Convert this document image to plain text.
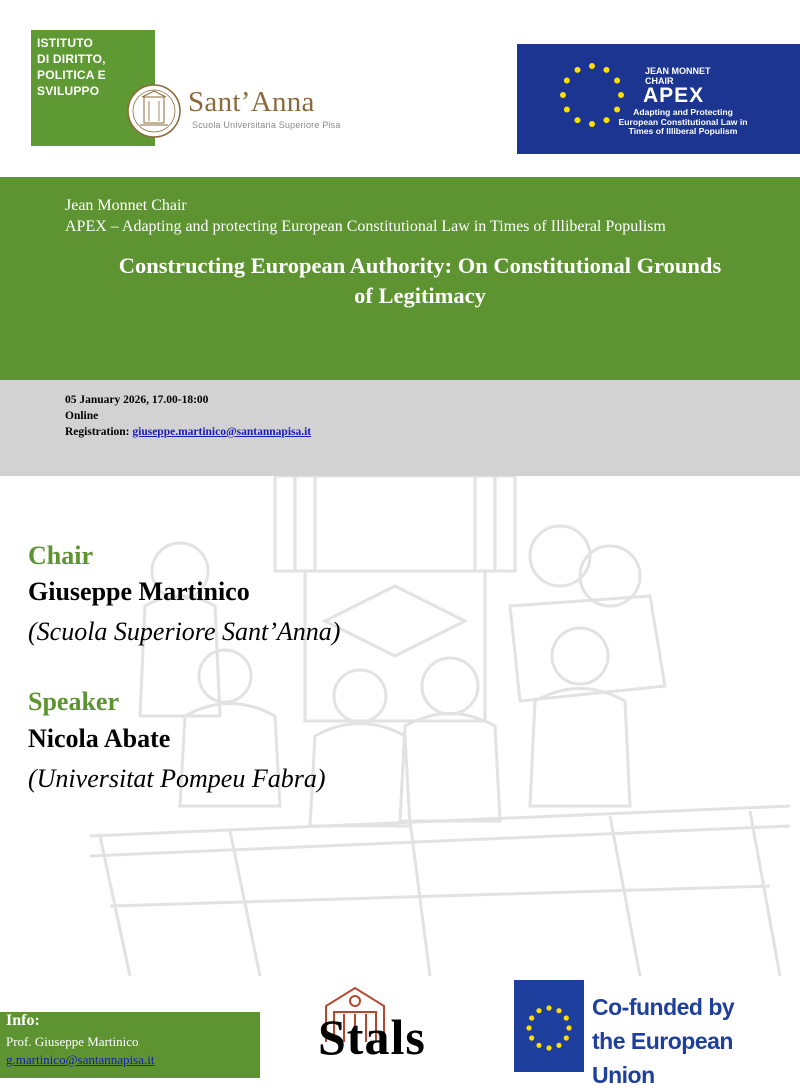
ISTITUTO
DI DIRITTO,
POLITICA E
SVILUPPO	Sant’Anna
Scuola Universitaria Superiore Pisa
JEAN MONNET
CHAIR
APEX
Adapting and Protecting
European Constitutional Law in
Times of Illiberal Populism
Jean Monnet Chair
APEX – Adapting and protecting European Constitutional Law in Times of Illiberal Populism
Constructing European Authority: On Constitutional Grounds
of Legitimacy
05 January 2026, 17.00-18:00
Online
Registration: giuseppe.martinico@santannapisa.it
Chair
Giuseppe Martinico
(Scuola Superiore Sant’Anna)
Speaker
Nicola Abate
(Universitat Pompeu Fabra)
Info:
Prof. Giuseppe Martinico
g.martinico@santannapisa.it	Stals
Co-funded by
the European Union
